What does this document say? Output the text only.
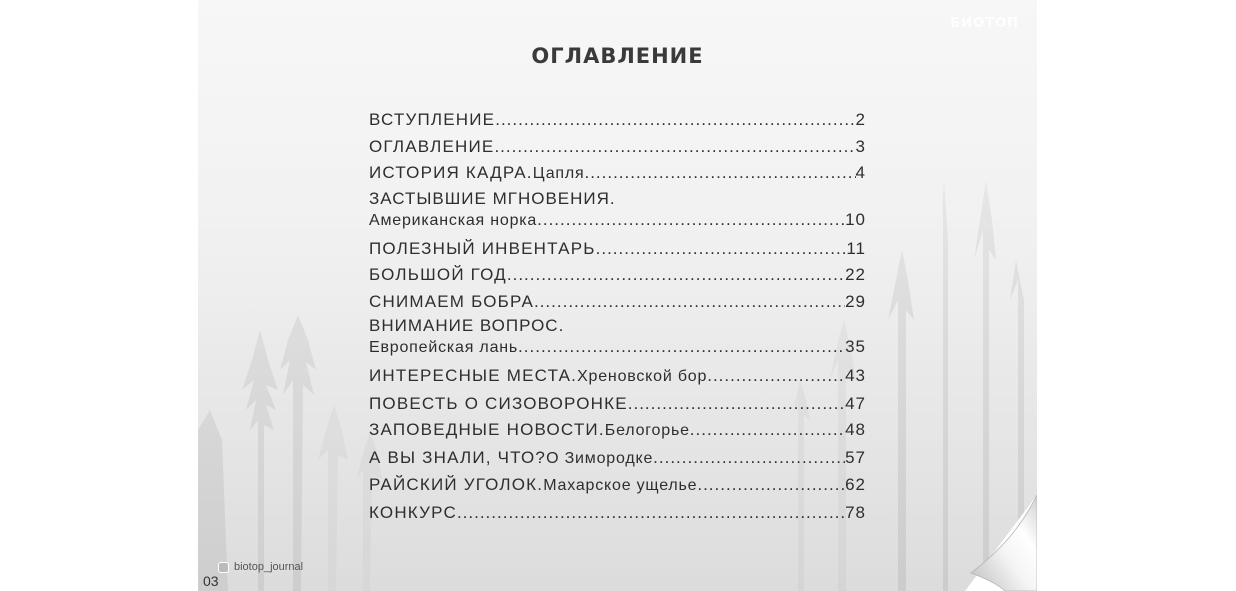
БИОТОП
ОГЛАВЛЕНИЕ
ВСТУПЛЕНИЕ .....	2
ОГЛАВЛЕНИЕ .....	3
ИСТОРИЯ КАДРА. Цапля .....	4
ЗАСТЫВШИЕ МГНОВЕНИЯ.
Американская норка .....	10
ПОЛЕЗНЫЙ ИНВЕНТАРЬ .....	11
БОЛЬШОЙ ГОД .....	22
СНИМАЕМ БОБРА .....	29
ВНИМАНИЕ ВОПРОС.
Европейская лань .....	35
ИНТЕРЕСНЫЕ МЕСТА. Хреновской бор .....	43
ПОВЕСТЬ О СИЗОВОРОНКЕ .....	47
ЗАПОВЕДНЫЕ НОВОСТИ. Белогорье .....	48
А ВЫ ЗНАЛИ, ЧТО? О Зимородке .....	57
РАЙСКИЙ УГОЛОК. Махарское ущелье .....	62
КОНКУРС .....	78
biotop_journal
03
